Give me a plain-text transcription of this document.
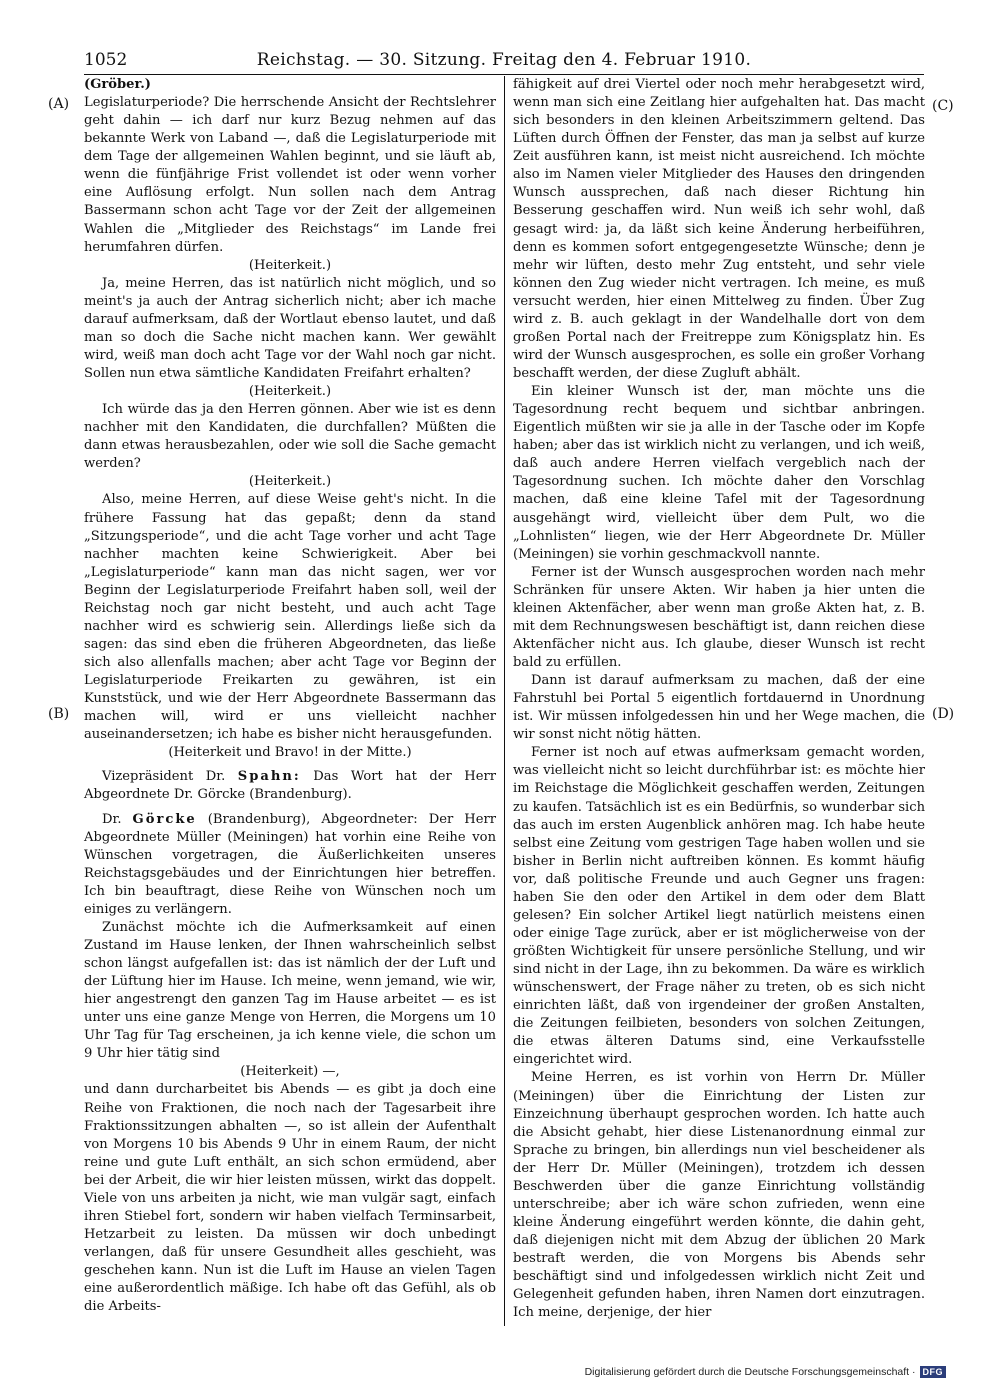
1052	Reichstag. — 30. Sitzung. Freitag den 4. Februar 1910.
(A)
(B)
(C)
(D)

(Gröber.)

Legislaturperiode? Die herrschende Ansicht der Rechtslehrer geht dahin — ich darf nur kurz Bezug nehmen auf das bekannte Werk von Laband —, daß die Legislaturperiode mit dem Tage der allgemeinen Wahlen beginnt, und sie läuft ab, wenn die fünfjährige Frist vollendet ist oder wenn vorher eine Auflösung erfolgt. Nun sollen nach dem Antrag Bassermann schon acht Tage vor der Zeit der allgemeinen Wahlen die „Mitglieder des Reichstags“ im Lande frei herumfahren dürfen.

(Heiterkeit.)

Ja, meine Herren, das ist natürlich nicht möglich, und so meint's ja auch der Antrag sicherlich nicht; aber ich mache darauf aufmerksam, daß der Wortlaut ebenso lautet, und daß man so doch die Sache nicht machen kann. Wer gewählt wird, weiß man doch acht Tage vor der Wahl noch gar nicht. Sollen nun etwa sämtliche Kandidaten Freifahrt erhalten?

(Heiterkeit.)

Ich würde das ja den Herren gönnen. Aber wie ist es denn nachher mit den Kandidaten, die durchfallen? Müßten die dann etwas herausbezahlen, oder wie soll die Sache gemacht werden?

(Heiterkeit.)

Also, meine Herren, auf diese Weise geht's nicht. In die frühere Fassung hat das gepaßt; denn da stand „Sitzungsperiode“, und die acht Tage vorher und acht Tage nachher machten keine Schwierigkeit. Aber bei „Legislaturperiode“ kann man das nicht sagen, wer vor Beginn der Legislaturperiode Freifahrt haben soll, weil der Reichstag noch gar nicht besteht, und auch acht Tage nachher wird es schwierig sein. Allerdings ließe sich da sagen: das sind eben die früheren Abgeordneten, das ließe sich also allenfalls machen; aber acht Tage vor Beginn der Legislaturperiode Freikarten zu gewähren, ist ein Kunststück, und wie der Herr Abgeordnete Bassermann das machen will, wird er uns vielleicht nachher auseinandersetzen; ich habe es bisher nicht herausgefunden.

(Heiterkeit und Bravo! in der Mitte.)

Vizepräsident Dr. Spahn: Das Wort hat der Herr Abgeordnete Dr. Görcke (Brandenburg).

Dr. Görcke (Brandenburg), Abgeordneter: Der Herr Abgeordnete Müller (Meiningen) hat vorhin eine Reihe von Wünschen vorgetragen, die Äußerlichkeiten unseres Reichstagsgebäudes und der Einrichtungen hier betreffen. Ich bin beauftragt, diese Reihe von Wünschen noch um einiges zu verlängern.

Zunächst möchte ich die Aufmerksamkeit auf einen Zustand im Hause lenken, der Ihnen wahrscheinlich selbst schon längst aufgefallen ist: das ist nämlich der der Luft und der Lüftung hier im Hause. Ich meine, wenn jemand, wie wir, hier angestrengt den ganzen Tag im Hause arbeitet — es ist unter uns eine ganze Menge von Herren, die Morgens um 10 Uhr Tag für Tag erscheinen, ja ich kenne viele, die schon um 9 Uhr hier tätig sind

(Heiterkeit) —,

und dann durcharbeitet bis Abends — es gibt ja doch eine Reihe von Fraktionen, die noch nach der Tagesarbeit ihre Fraktionssitzungen abhalten —, so ist allein der Aufenthalt von Morgens 10 bis Abends 9 Uhr in einem Raum, der nicht reine und gute Luft enthält, an sich schon ermüdend, aber bei der Arbeit, die wir hier leisten müssen, wirkt das doppelt. Viele von uns arbeiten ja nicht, wie man vulgär sagt, einfach ihren Stiebel fort, sondern wir haben vielfach Terminsarbeit, Hetzarbeit zu leisten. Da müssen wir doch unbedingt verlangen, daß für unsere Gesundheit alles geschieht, was geschehen kann. Nun ist die Luft im Hause an vielen Tagen eine außerordentlich mäßige. Ich habe oft das Gefühl, als ob die Arbeits-

fähigkeit auf drei Viertel oder noch mehr herabgesetzt wird, wenn man sich eine Zeitlang hier aufgehalten hat. Das macht sich besonders in den kleinen Arbeitszimmern geltend. Das Lüften durch Öffnen der Fenster, das man ja selbst auf kurze Zeit ausführen kann, ist meist nicht ausreichend. Ich möchte also im Namen vieler Mitglieder des Hauses den dringenden Wunsch aussprechen, daß nach dieser Richtung hin Besserung geschaffen wird. Nun weiß ich sehr wohl, daß gesagt wird: ja, da läßt sich keine Änderung herbeiführen, denn es kommen sofort entgegengesetzte Wünsche; denn je mehr wir lüften, desto mehr Zug entsteht, und sehr viele können den Zug wieder nicht vertragen. Ich meine, es muß versucht werden, hier einen Mittelweg zu finden. Über Zug wird z. B. auch geklagt in der Wandelhalle dort von dem großen Portal nach der Freitreppe zum Königsplatz hin. Es wird der Wunsch ausgesprochen, es solle ein großer Vorhang beschafft werden, der diese Zugluft abhält.

Ein kleiner Wunsch ist der, man möchte uns die Tagesordnung recht bequem und sichtbar anbringen. Eigentlich müßten wir sie ja alle in der Tasche oder im Kopfe haben; aber das ist wirklich nicht zu verlangen, und ich weiß, daß auch andere Herren vielfach vergeblich nach der Tagesordnung suchen. Ich möchte daher den Vorschlag machen, daß eine kleine Tafel mit der Tagesordnung ausgehängt wird, vielleicht über dem Pult, wo die „Lohnlisten“ liegen, wie der Herr Abgeordnete Dr. Müller (Meiningen) sie vorhin geschmackvoll nannte.

Ferner ist der Wunsch ausgesprochen worden nach mehr Schränken für unsere Akten. Wir haben ja hier unten die kleinen Aktenfächer, aber wenn man große Akten hat, z. B. mit dem Rechnungswesen beschäftigt ist, dann reichen diese Aktenfächer nicht aus. Ich glaube, dieser Wunsch ist recht bald zu erfüllen.

Dann ist darauf aufmerksam zu machen, daß der eine Fahrstuhl bei Portal 5 eigentlich fortdauernd in Unordnung ist. Wir müssen infolgedessen hin und her Wege machen, die wir sonst nicht nötig hätten.

Ferner ist noch auf etwas aufmerksam gemacht worden, was vielleicht nicht so leicht durchführbar ist: es möchte hier im Reichstage die Möglichkeit geschaffen werden, Zeitungen zu kaufen. Tatsächlich ist es ein Bedürfnis, so wunderbar sich das auch im ersten Augenblick anhören mag. Ich habe heute selbst eine Zeitung vom gestrigen Tage haben wollen und sie bisher in Berlin nicht auftreiben können. Es kommt häufig vor, daß politische Freunde und auch Gegner uns fragen: haben Sie den oder den Artikel in dem oder dem Blatt gelesen? Ein solcher Artikel liegt natürlich meistens einen oder einige Tage zurück, aber er ist möglicherweise von der größten Wichtigkeit für unsere persönliche Stellung, und wir sind nicht in der Lage, ihn zu bekommen. Da wäre es wirklich wünschenswert, der Frage näher zu treten, ob es sich nicht einrichten läßt, daß von irgendeiner der großen Anstalten, die Zeitungen feilbieten, besonders von solchen Zeitungen, die etwas älteren Datums sind, eine Verkaufsstelle eingerichtet wird.

Meine Herren, es ist vorhin von Herrn Dr. Müller (Meiningen) über die Einrichtung der Listen zur Einzeichnung überhaupt gesprochen worden. Ich hatte auch die Absicht gehabt, hier diese Listenanordnung einmal zur Sprache zu bringen, bin allerdings nun viel bescheidener als der Herr Dr. Müller (Meiningen), trotzdem ich dessen Beschwerden über die ganze Einrichtung vollständig unterschreibe; aber ich wäre schon zufrieden, wenn eine kleine Änderung eingeführt werden könnte, die dahin geht, daß diejenigen nicht mit dem Abzug der üblichen 20 Mark bestraft werden, die von Morgens bis Abends sehr beschäftigt sind und infolgedessen wirklich nicht Zeit und Gelegenheit gefunden haben, ihren Namen dort einzutragen. Ich meine, derjenige, der hier

Digitalisierung gefördert durch die Deutsche Forschungsgemeinschaft · DFG
